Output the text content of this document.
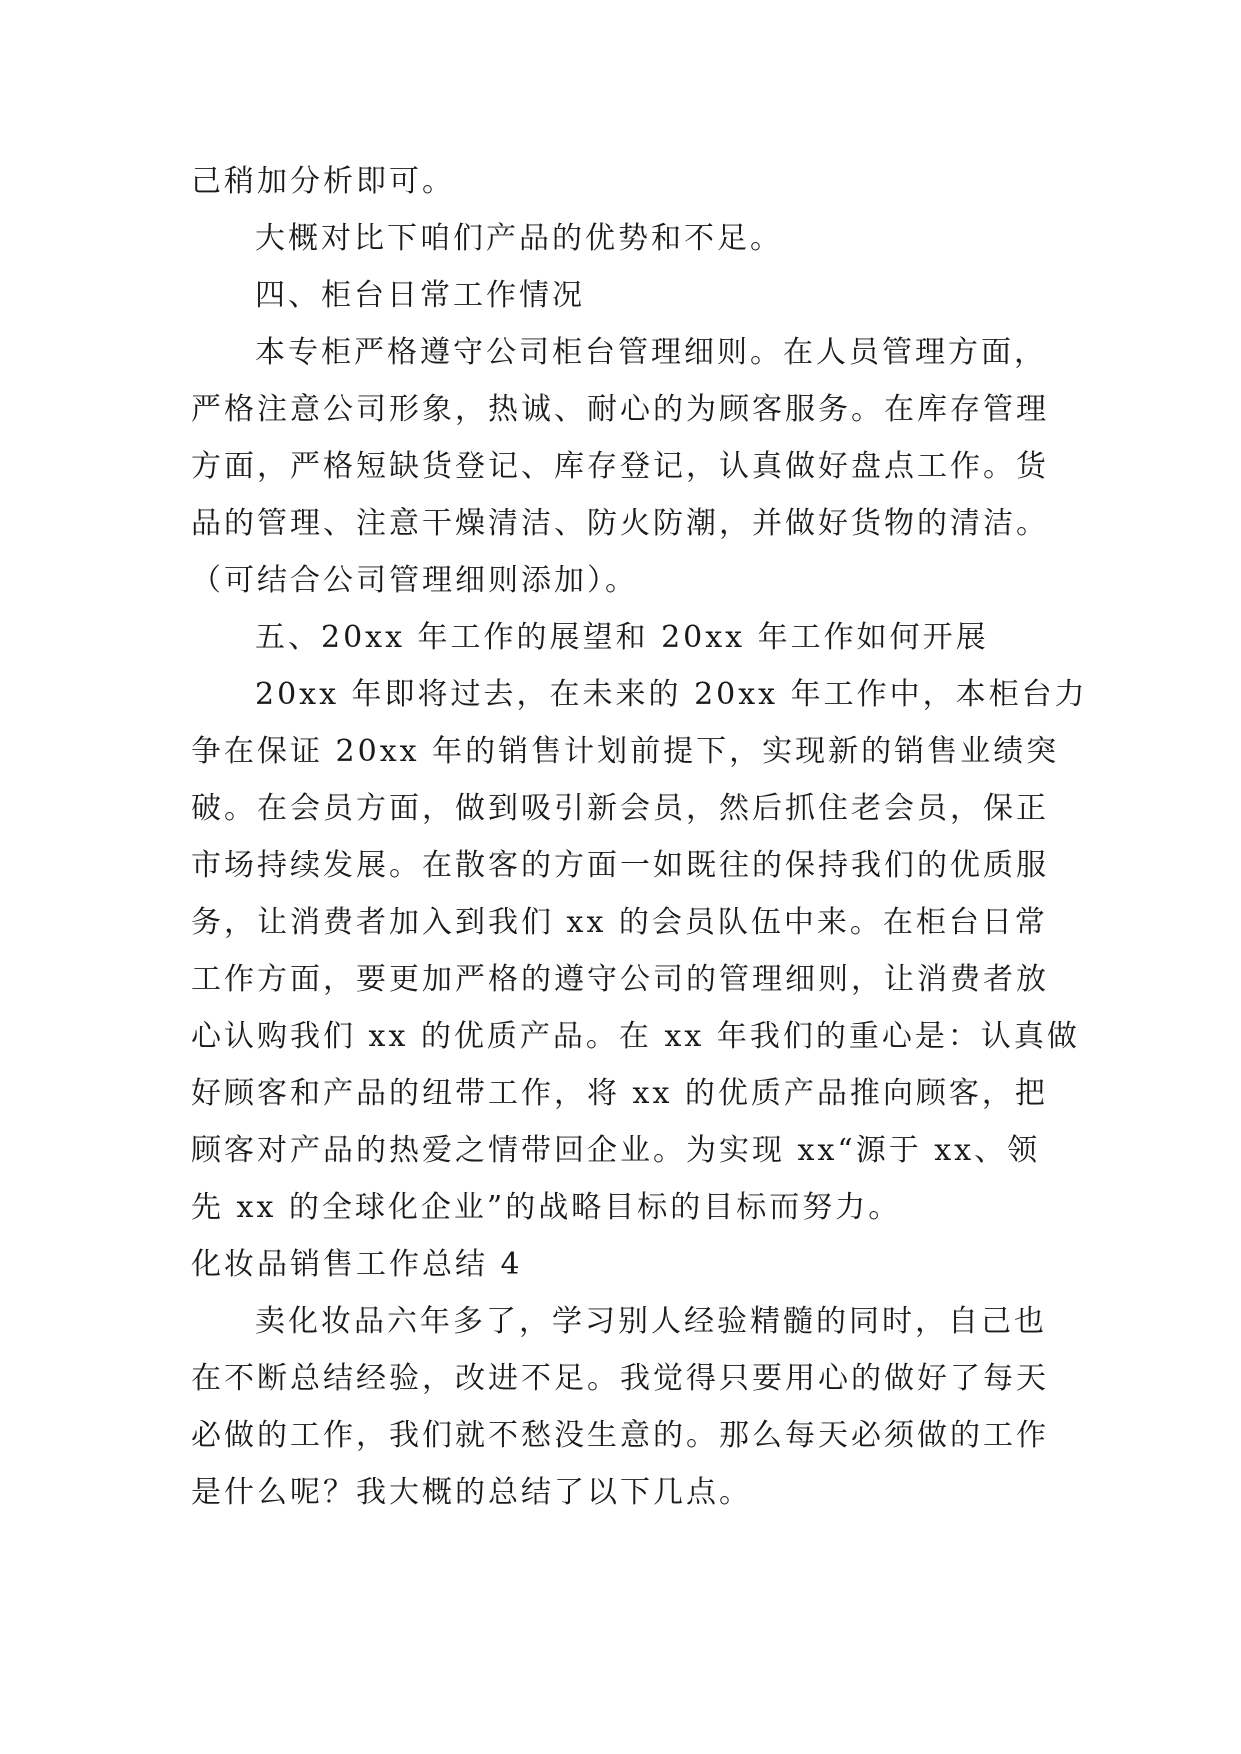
己稍加分析即可。
大概对比下咱们产品的优势和不足。
四、柜台日常工作情况
本专柜严格遵守公司柜台管理细则。在人员管理方面，
严格注意公司形象，热诚、耐心的为顾客服务。在库存管理
方面，严格短缺货登记、库存登记，认真做好盘点工作。货
品的管理、注意干燥清洁、防火防潮，并做好货物的清洁。
（可结合公司管理细则添加）。
五、20xx 年工作的展望和 20xx 年工作如何开展
20xx 年即将过去，在未来的 20xx 年工作中，本柜台力
争在保证 20xx 年的销售计划前提下，实现新的销售业绩突
破。在会员方面，做到吸引新会员，然后抓住老会员，保正
市场持续发展。在散客的方面一如既往的保持我们的优质服
务，让消费者加入到我们 xx 的会员队伍中来。在柜台日常
工作方面，要更加严格的遵守公司的管理细则，让消费者放
心认购我们 xx 的优质产品。在 xx 年我们的重心是：认真做
好顾客和产品的纽带工作，将 xx 的优质产品推向顾客，把
顾客对产品的热爱之情带回企业。为实现 xx“源于 xx、领
先 xx 的全球化企业”的战略目标的目标而努力。
化妆品销售工作总结 4
卖化妆品六年多了，学习别人经验精髓的同时，自己也
在不断总结经验，改进不足。我觉得只要用心的做好了每天
必做的工作，我们就不愁没生意的。那么每天必须做的工作
是什么呢？我大概的总结了以下几点。
